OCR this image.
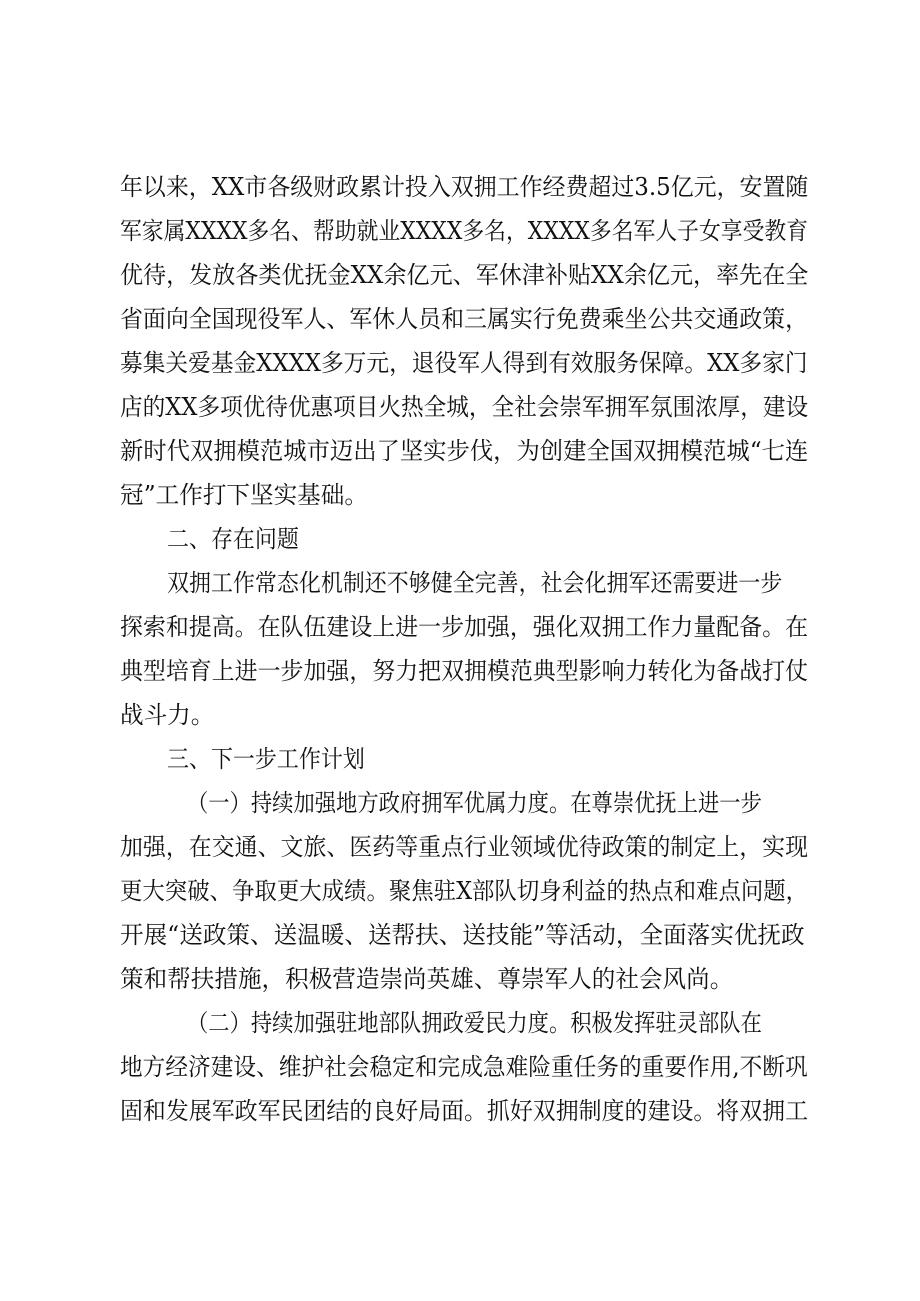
年以来，XX市各级财政累计投入双拥工作经费超过3.5亿元，安置随
军家属XXXX多名、帮助就业XXXX多名，XXXX多名军人子女享受教育
优待，发放各类优抚金XX余亿元、军休津补贴XX余亿元，率先在全
省面向全国现役军人、军休人员和三属实行免费乘坐公共交通政策，
募集关爱基金XXXX多万元，退役军人得到有效服务保障。XX多家门
店的XX多项优待优惠项目火热全城，全社会崇军拥军氛围浓厚，建设
新时代双拥模范城市迈出了坚实步伐，为创建全国双拥模范城“七连
冠”工作打下坚实基础。
二、存在问题
双拥工作常态化机制还不够健全完善，社会化拥军还需要进一步
探索和提高。在队伍建设上进一步加强，强化双拥工作力量配备。在
典型培育上进一步加强，努力把双拥模范典型影响力转化为备战打仗
战斗力。
三、下一步工作计划
（一）持续加强地方政府拥军优属力度。在尊崇优抚上进一步
加强，在交通、文旅、医药等重点行业领域优待政策的制定上，实现
更大突破、争取更大成绩。聚焦驻X部队切身利益的热点和难点问题，
开展“送政策、送温暖、送帮扶、送技能”等活动，全面落实优抚政
策和帮扶措施，积极营造崇尚英雄、尊崇军人的社会风尚。
（二）持续加强驻地部队拥政爱民力度。积极发挥驻灵部队在
地方经济建设、维护社会稳定和完成急难险重任务的重要作用,不断巩
固和发展军政军民团结的良好局面。抓好双拥制度的建设。将双拥工
